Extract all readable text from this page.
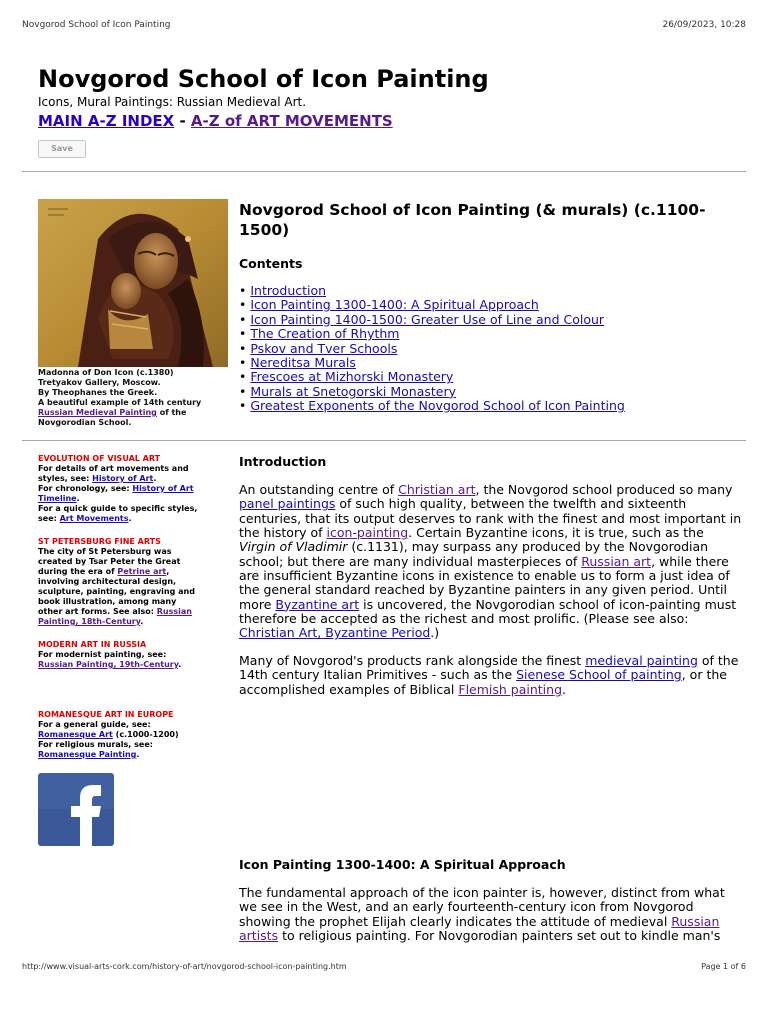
Novgorod School of Icon Painting	26/09/2023, 10:28
Novgorod School of Icon Painting
Icons, Mural Paintings: Russian Medieval Art.
MAIN A-Z INDEX - A-Z of ART MOVEMENTS
Save
Madonna of Don Icon (c.1380)
Tretyakov Gallery, Moscow.
By Theophanes the Greek.
A beautiful example of 14th century Russian Medieval Painting of the Novgorodian School.
EVOLUTION OF VISUAL ART
For details of art movements and styles, see: History of Art.
For chronology, see: History of Art Timeline.
For a quick guide to specific styles, see: Art Movements.
ST PETERSBURG FINE ARTS
The city of St Petersburg was created by Tsar Peter the Great during the era of Petrine art, involving architectural design, sculpture, painting, engraving and book illustration, among many other art forms. See also: Russian Painting, 18th-Century.
MODERN ART IN RUSSIA
For modernist painting, see: Russian Painting, 19th-Century.
ROMANESQUE ART IN EUROPE
For a general guide, see: Romanesque Art (c.1000-1200)
For religious murals, see: Romanesque Painting.
Novgorod School of Icon Painting (& murals) (c.1100-1500)
Contents
• Introduction
• Icon Painting 1300-1400: A Spiritual Approach
• Icon Painting 1400-1500: Greater Use of Line and Colour
• The Creation of Rhythm
• Pskov and Tver Schools
• Nereditsa Murals
• Frescoes at Mizhorski Monastery
• Murals at Snetogorski Monastery
• Greatest Exponents of the Novgorod School of Icon Painting
Introduction

An outstanding centre of Christian art, the Novgorod school produced so many panel paintings of such high quality, between the twelfth and sixteenth centuries, that its output deserves to rank with the finest and most important in the history of icon-painting. Certain Byzantine icons, it is true, such as the Virgin of Vladimir (c.1131), may surpass any produced by the Novgorodian school; but there are many individual masterpieces of Russian art, while there are insufficient Byzantine icons in existence to enable us to form a just idea of the general standard reached by Byzantine painters in any given period. Until more Byzantine art is uncovered, the Novgorodian school of icon-painting must therefore be accepted as the richest and most prolific. (Please see also: Christian Art, Byzantine Period.)

Many of Novgorod's products rank alongside the finest medieval painting of the 14th century Italian Primitives - such as the Sienese School of painting, or the accomplished examples of Biblical Flemish painting.

Icon Painting 1300-1400: A Spiritual Approach

The fundamental approach of the icon painter is, however, distinct from what we see in the West, and an early fourteenth-century icon from Novgorod showing the prophet Elijah clearly indicates the attitude of medieval Russian artists to religious painting. For Novgorodian painters set out to kindle man's

http://www.visual-arts-cork.com/history-of-art/novgorod-school-icon-painting.htm	Page 1 of 6
